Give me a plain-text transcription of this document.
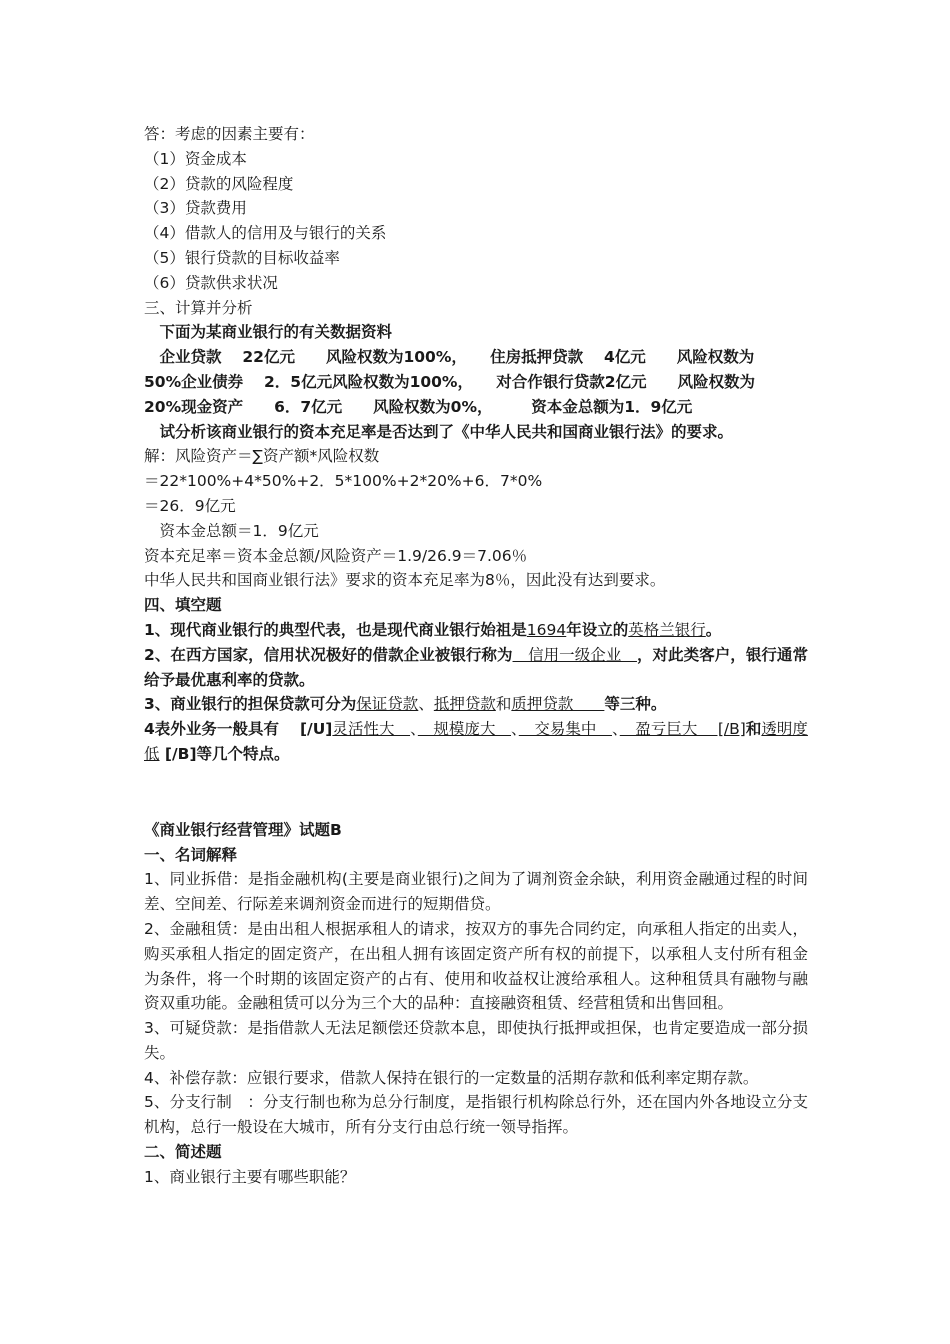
答：考虑的因素主要有：
（1）资金成本
（2）贷款的风险程度
（3）贷款费用
（4）借款人的信用及与银行的关系
（5）银行贷款的目标收益率
（6）贷款供求状况
三、计算并分析
　下面为某商业银行的有关数据资料
　企业贷款　 22亿元　　风险权数为100%，　　住房抵押贷款　 4亿元　　风险权数为
50%企业债券　 2．5亿元风险权数为100%，　　对合作银行贷款2亿元　　风险权数为
20%现金资产　　6．7亿元　　风险权数为0%，　　　资本金总额为1．9亿元
　试分析该商业银行的资本充足率是否达到了《中华人民共和国商业银行法》的要求。
解：风险资产＝∑资产额*风险权数
＝22*100%+4*50%+2．5*100%+2*20%+6．7*0%
＝26．9亿元
　资本金总额＝1．9亿元
资本充足率＝资本金总额/风险资产＝1.9/26.9＝7.06％
中华人民共和国商业银行法》要求的资本充足率为8％，因此没有达到要求。
四、填空题
1、现代商业银行的典型代表，也是现代商业银行始祖是1694年设立的英格兰银行。
2、在西方国家，信用状况极好的借款企业被银行称为　信用一级企业　，对此类客户，银行通常给予最优惠利率的贷款。
3、商业银行的担保贷款可分为保证贷款、抵押贷款和质押贷款　　等三种。
4表外业务一般具有　 [/U]灵活性大　、　规模庞大　、　交易集中　、　盈亏巨大　 [/B]和透明度低 [/B]等几个特点。
《商业银行经营管理》试题B
一、名词解释
1、同业拆借：是指金融机构(主要是商业银行)之间为了调剂资金余缺，利用资金融通过程的时间差、空间差、行际差来调剂资金而进行的短期借贷。
2、金融租赁：是由出租人根据承租人的请求，按双方的事先合同约定，向承租人指定的出卖人，购买承租人指定的固定资产，在出租人拥有该固定资产所有权的前提下，以承租人支付所有租金为条件，将一个时期的该固定资产的占有、使用和收益权让渡给承租人。这种租赁具有融物与融资双重功能。金融租赁可以分为三个大的品种：直接融资租赁、经营租赁和出售回租。
3、可疑贷款：是指借款人无法足额偿还贷款本息，即使执行抵押或担保，也肯定要造成一部分损失。
4、补偿存款：应银行要求，借款人保持在银行的一定数量的活期存款和低利率定期存款。
5、分支行制　：分支行制也称为总分行制度，是指银行机构除总行外，还在国内外各地设立分支机构，总行一般设在大城市，所有分支行由总行统一领导指挥。
二、简述题
1、商业银行主要有哪些职能？
